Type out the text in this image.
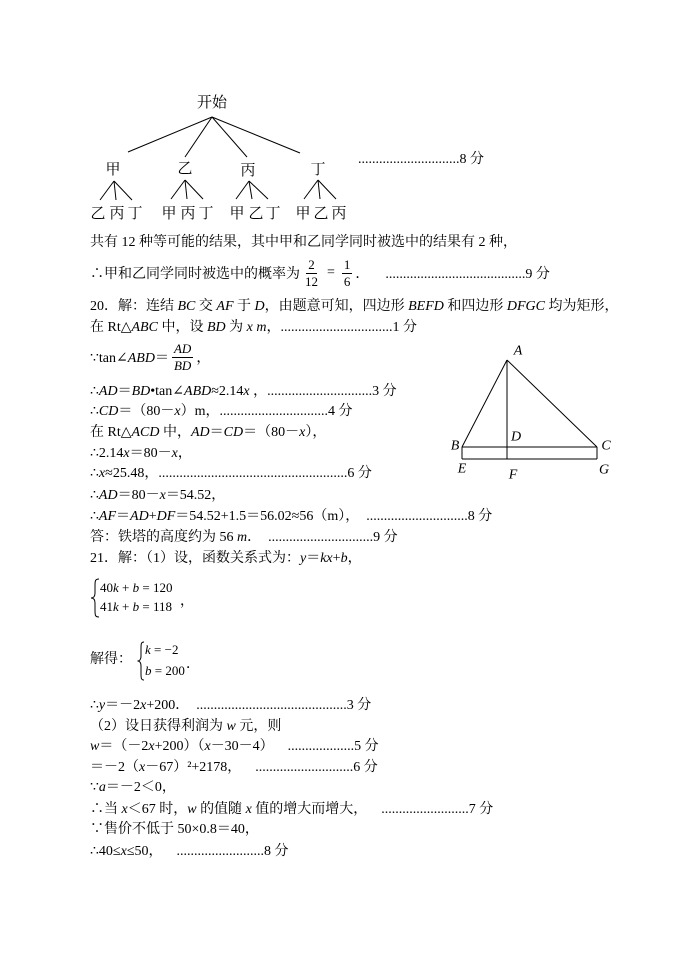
开始
甲	乙	丙	丁
乙 丙 丁 甲 丙 丁 甲 乙 丁 甲 乙 丙
.............................8 分
共有 12 种等可能的结果，其中甲和乙同学同时被选中的结果有 2 种，
∴甲和乙同学同时被选中的概率为 $\frac{2}{12} = \frac{1}{6}$ ． ........................................9 分
20．解：连结 BC 交 AF 于 D，由题意可知，四边形 BEFD 和四边形 DFGC 均为矩形，
在 Rt△ABC 中，设 BD 为 x m，................................1 分
∵tan∠ABD＝ $\frac{AD}{BD}$ ，
∴AD＝BD•tan∠ABD≈2.14x ，..............................3 分
∴CD＝（80－x）m，...............................4 分
在 Rt△ACD 中，AD＝CD＝（80－x），
∴2.14x＝80－x，
∴x≈25.48，......................................................6 分
∴AD＝80－x＝54.52，
∴AF＝AD+DF＝54.52+1.5＝56.02≈56（m），  .............................8 分
答：铁塔的高度约为 56 m．  ..............................9 分
A
B
D
C
E	F	G
21．解：（1）设，函数关系式为：y＝kx+b，
40k + b = 120
41k + b = 118 ，
解得：
k = −2
b = 200 ．
∴y＝－2x+200．  ...........................................3 分
（2）设日获得利润为 w 元，则
w＝（－2x+200）（x－30－4）    ...................5 分
＝－2（x－67）²+2178，    ............................6 分
∵a＝－2＜0，
∴当 x＜67 时，w 的值随 x 值的增大而增大，    .........................7 分
∵售价不低于 50×0.8＝40，
∴40≤x≤50，    .........................8 分
